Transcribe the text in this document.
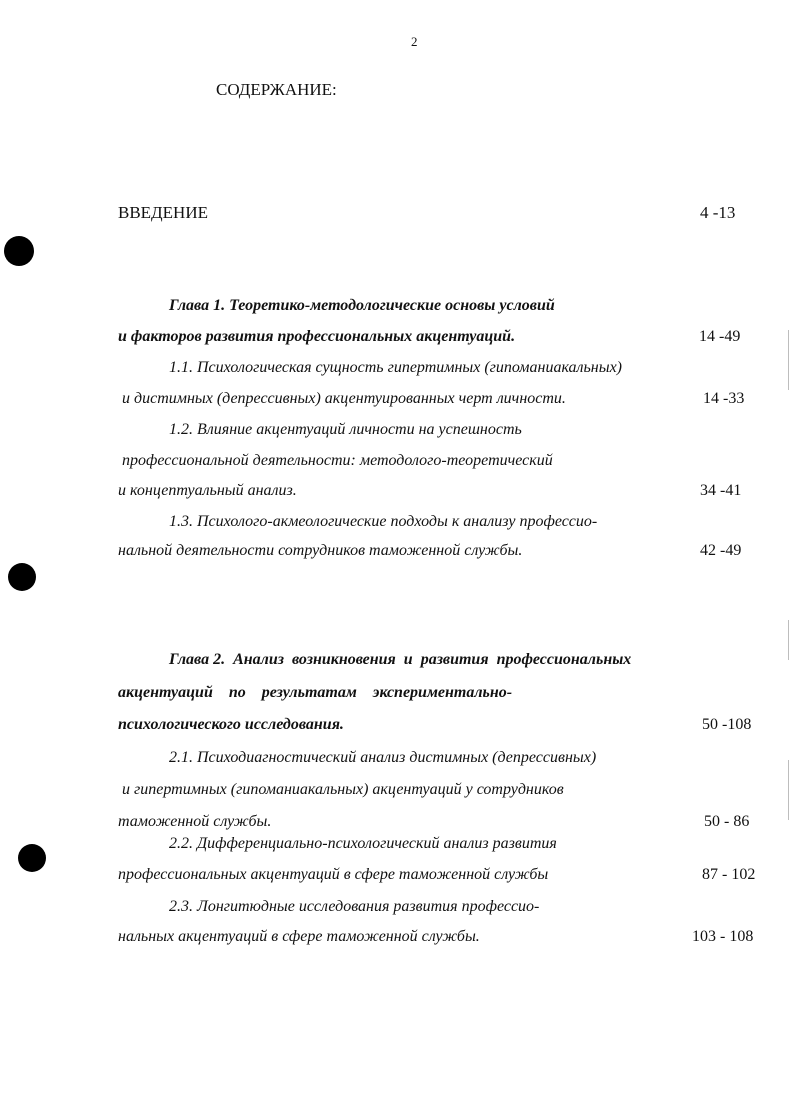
2
СОДЕРЖАНИЕ:
ВВЕДЕНИЕ	4 -13
Глава 1. Теоретико-методологические основы условий
и факторов развития профессиональных акцентуаций.	14 -49
1.1. Психологическая сущность гипертимных (гипоманиакальных)
и дистимных (депрессивных) акцентуированных черт личности.	14 -33
1.2. Влияние акцентуаций личности на успешность
профессиональной деятельности: методолого-теоретический
и концептуальный анализ.	34 -41
1.3. Психолого-акмеологические подходы к анализу профессио-
нальной деятельности сотрудников таможенной службы.	42 -49
Глава 2.  Анализ  возникновения  и  развития  профессиональных
акцентуаций    по    результатам    экспериментально-
психологического исследования.	50 -108
2.1. Психодиагностический анализ дистимных (депрессивных)
и гипертимных (гипоманиакальных) акцентуаций у сотрудников
таможенной службы.	50 - 86
2.2. Дифференциально-психологический анализ развития
профессиональных акцентуаций в сфере таможенной службы	87 - 102
2.3. Лонгитюдные исследования развития профессио-
нальных акцентуаций в сфере таможенной службы.	103 - 108
